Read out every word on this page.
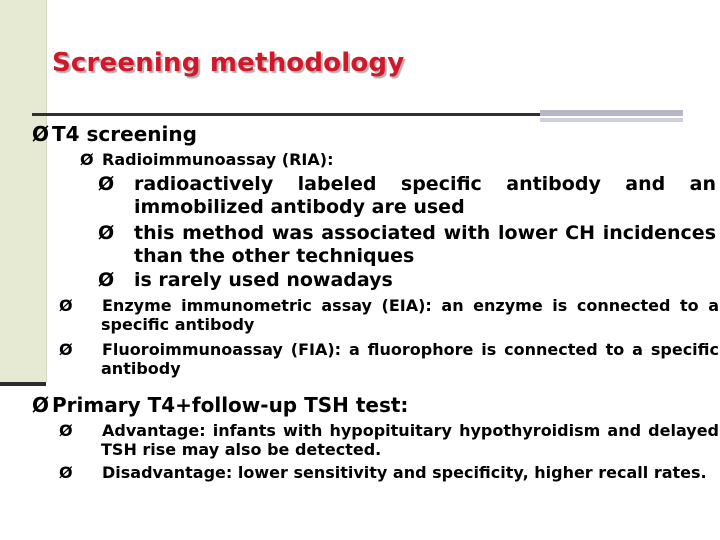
Screening methodology
Ø T4 screening
Ø Radioimmunoassay (RIA):
Ø radioactively labeled specific antibody and an immobilized antibody are used
Ø this method was associated with lower CH incidences than the other techniques
Ø is rarely used nowadays
Ø Enzyme immunometric assay (EIA): an enzyme is connected to a specific antibody
Ø Fluoroimmunoassay (FIA): a fluorophore is connected to a specific antibody
Ø Primary T4+follow-up TSH test:
Ø Advantage: infants with hypopituitary hypothyroidism and delayed TSH rise may also be detected.
Ø Disadvantage: lower sensitivity and specificity, higher recall rates.
